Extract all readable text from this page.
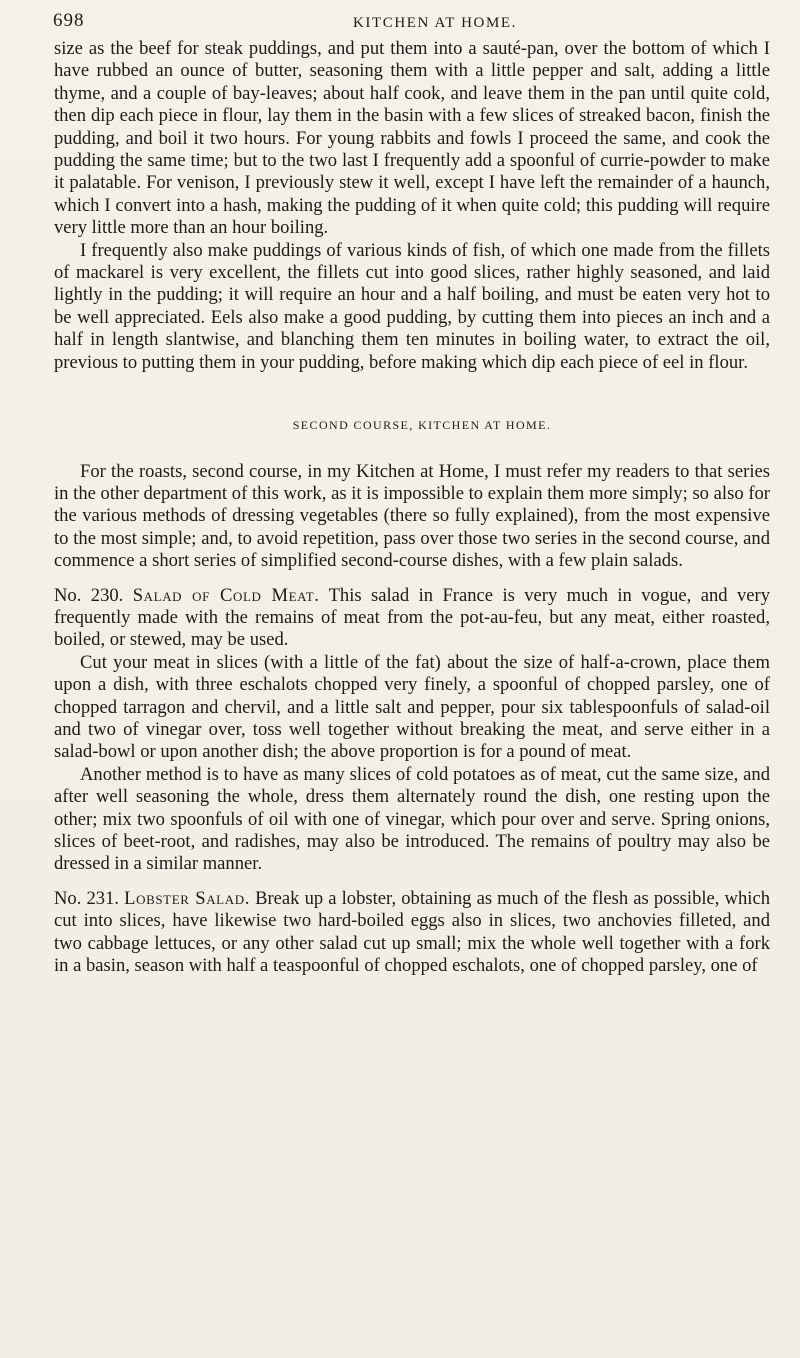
698	KITCHEN AT HOME.

size as the beef for steak puddings, and put them into a sauté-pan, over the bottom of which I have rubbed an ounce of butter, seasoning them with a little pepper and salt, adding a little thyme, and a couple of bay-leaves; about half cook, and leave them in the pan until quite cold, then dip each piece in flour, lay them in the basin with a few slices of streaked bacon, finish the pudding, and boil it two hours. For young rabbits and fowls I proceed the same, and cook the pudding the same time; but to the two last I frequently add a spoonful of currie-powder to make it palatable. For venison, I previously stew it well, except I have left the remainder of a haunch, which I convert into a hash, making the pudding of it when quite cold; this pudding will require very little more than an hour boiling.

I frequently also make puddings of various kinds of fish, of which one made from the fillets of mackarel is very excellent, the fillets cut into good slices, rather highly seasoned, and laid lightly in the pudding; it will require an hour and a half boiling, and must be eaten very hot to be well appreciated. Eels also make a good pudding, by cutting them into pieces an inch and a half in length slantwise, and blanching them ten minutes in boiling water, to extract the oil, previous to putting them in your pudding, before making which dip each piece of eel in flour.

SECOND COURSE, KITCHEN AT HOME.

For the roasts, second course, in my Kitchen at Home, I must refer my readers to that series in the other department of this work, as it is impossible to explain them more simply; so also for the various methods of dressing vegetables (there so fully explained), from the most expensive to the most simple; and, to avoid repetition, pass over those two series in the second course, and commence a short series of simplified second-course dishes, with a few plain salads.

No. 230. Salad of Cold Meat. This salad in France is very much in vogue, and very frequently made with the remains of meat from the pot-au-feu, but any meat, either roasted, boiled, or stewed, may be used.

Cut your meat in slices (with a little of the fat) about the size of half-a-crown, place them upon a dish, with three eschalots chopped very finely, a spoonful of chopped parsley, one of chopped tarragon and chervil, and a little salt and pepper, pour six tablespoonfuls of salad-oil and two of vinegar over, toss well together without breaking the meat, and serve either in a salad-bowl or upon another dish; the above proportion is for a pound of meat.

Another method is to have as many slices of cold potatoes as of meat, cut the same size, and after well seasoning the whole, dress them alternately round the dish, one resting upon the other; mix two spoonfuls of oil with one of vinegar, which pour over and serve. Spring onions, slices of beet-root, and radishes, may also be introduced. The remains of poultry may also be dressed in a similar manner.

No. 231. Lobster Salad. Break up a lobster, obtaining as much of the flesh as possible, which cut into slices, have likewise two hard-boiled eggs also in slices, two anchovies filleted, and two cabbage lettuces, or any other salad cut up small; mix the whole well together with a fork in a basin, season with half a teaspoonful of chopped eschalots, one of chopped parsley, one of
